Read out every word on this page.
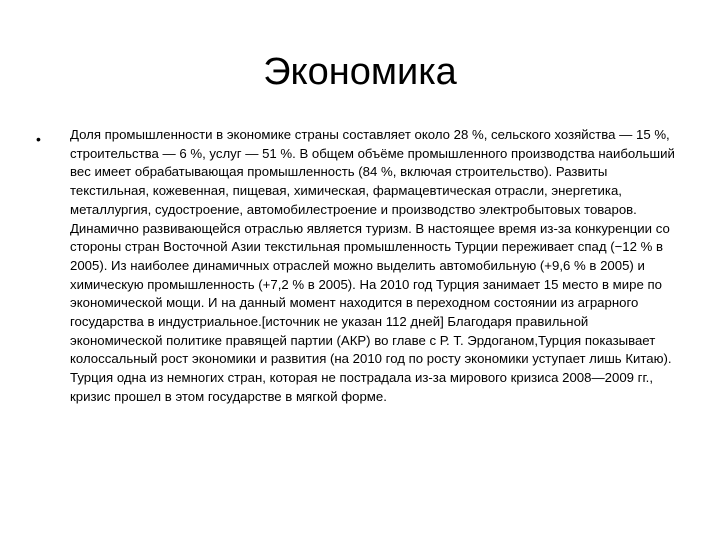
Экономика
• Доля промышленности в экономике страны составляет около 28 %, сельского хозяйства — 15 %, строительства — 6 %, услуг — 51 %. В общем объёме промышленного производства наибольший вес имеет обрабатывающая промышленность (84 %, включая строительство). Развиты текстильная, кожевенная, пищевая, химическая, фармацевтическая отрасли, энергетика, металлургия, судостроение, автомобилестроение и производство электробытовых товаров. Динамично развивающейся отраслью является туризм. В настоящее время из-за конкуренции со стороны стран Восточной Азии текстильная промышленность Турции переживает спад (−12 % в 2005). Из наиболее динамичных отраслей можно выделить автомобильную (+9,6 % в 2005) и химическую промышленность (+7,2 % в 2005). На 2010 год Турция занимает 15 место в мире по экономической мощи. И на данный момент находится в переходном состоянии из аграрного государства в индустриальное.[источник не указан 112 дней] Благодаря правильной экономической политике правящей партии (АКР) во главе с Р. Т. Эрдоганом,Турция показывает колоссальный рост экономики и развития (на 2010 год по росту экономики уступает лишь Китаю). Турция одна из немногих стран, которая не пострадала из-за мирового кризиса 2008—2009 гг., кризис прошел в этом государстве в мягкой форме.
